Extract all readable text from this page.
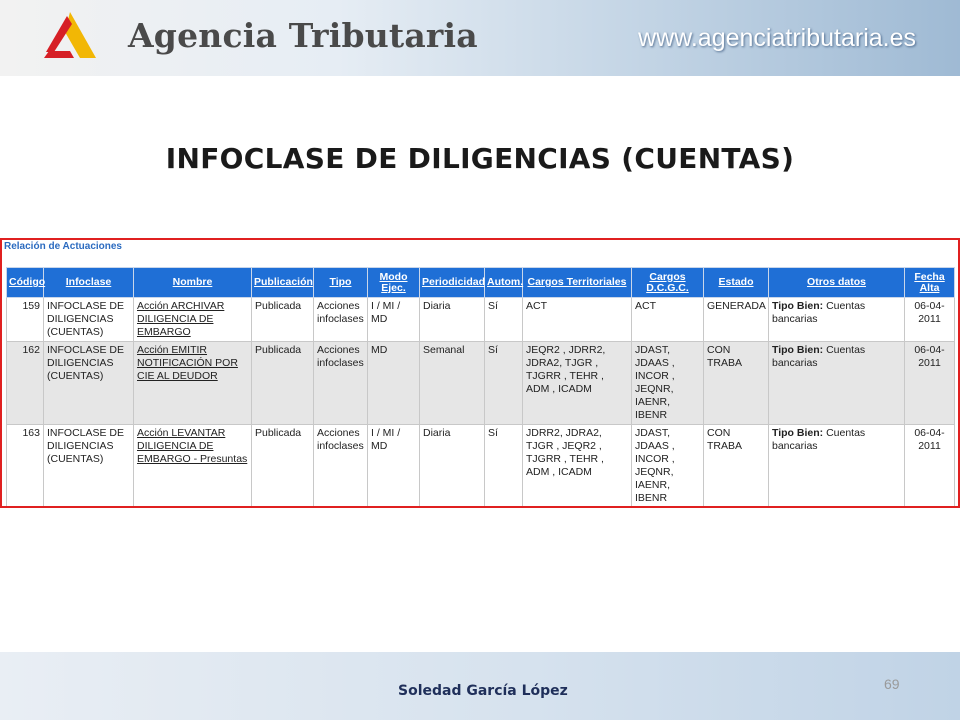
Agencia Tributaria	www.agenciatributaria.es
INFOCLASE DE DILIGENCIAS (CUENTAS)
Relación de Actuaciones
Código	Infoclase	Nombre	Publicación	Tipo	Modo Ejec.	Periodicidad	Autom.	Cargos Territoriales	Cargos D.C.G.C.	Estado	Otros datos	Fecha Alta
159	INFOCLASE DE DILIGENCIAS (CUENTAS)	Acción ARCHIVAR DILIGENCIA DE EMBARGO	Publicada	Acciones infoclases	I / MI / MD	Diaria	Sí	ACT	ACT	GENERADA	Tipo Bien: Cuentas bancarias	06-04-2011
162	INFOCLASE DE DILIGENCIAS (CUENTAS)	Acción EMITIR NOTIFICACIÓN POR CIE AL DEUDOR	Publicada	Acciones infoclases	MD	Semanal	Sí	JEQR2 , JDRR2, JDRA2, TJGR , TJGRR , TEHR , ADM , ICADM	JDAST, JDAAS , INCOR , JEQNR, IAENR, IBENR	CON TRABA	Tipo Bien: Cuentas bancarias	06-04-2011
163	INFOCLASE DE DILIGENCIAS (CUENTAS)	Acción LEVANTAR DILIGENCIA DE EMBARGO - Presuntas	Publicada	Acciones infoclases	I / MI / MD	Diaria	Sí	JDRR2, JDRA2, TJGR , JEQR2 , TJGRR , TEHR , ADM , ICADM	JDAST, JDAAS , INCOR , JEQNR, IAENR, IBENR	CON TRABA	Tipo Bien: Cuentas bancarias	06-04-2011
69
Soledad García López
